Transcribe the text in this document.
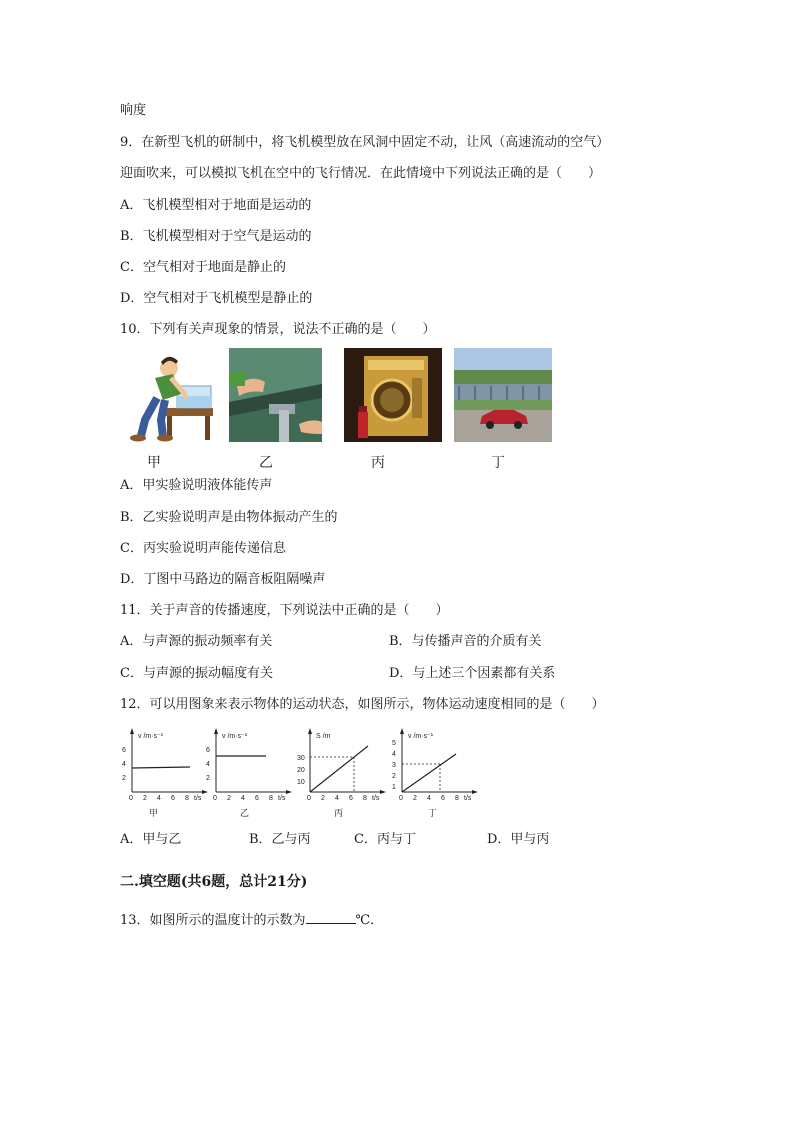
响度
9．在新型飞机的研制中，将飞机模型放在风洞中固定不动，让风（高速流动的空气）
迎面吹来，可以模拟飞机在空中的飞行情况．在此情境中下列说法正确的是（　　）
A．飞机模型相对于地面是运动的
B．飞机模型相对于空气是运动的
C．空气相对于地面是静止的
D．空气相对于飞机模型是静止的
10．下列有关声现象的情景，说法不正确的是（　　）
甲	乙	丙	丁
A．甲实验说明液体能传声
B．乙实验说明声是由物体振动产生的
C．丙实验说明声能传递信息
D．丁图中马路边的隔音板阻隔噪声
11．关于声音的传播速度，下列说法中正确的是（　　）
A．与声源的振动频率有关	B．与传播声音的介质有关
C．与声源的振动幅度有关	D．与上述三个因素都有关系
12．可以用图象来表示物体的运动状态，如图所示，物体运动速度相同的是（　　）
v /m·s⁻¹
6
4
2
0 2 4 6 8 t/s
甲
v /m·s⁻¹
6
4
2
0 2 4 6 8 t/s
乙
S /m
30
20
10
0 2 4 6 8 t/s
丙
v /m·s⁻¹
5
4
3
2
1
0 2 4 6 8 t/s
丁
A．甲与乙	B．乙与丙	C．丙与丁	D．甲与丙
二.填空题(共6题，总计21分)
13．如图所示的温度计的示数为	℃．
